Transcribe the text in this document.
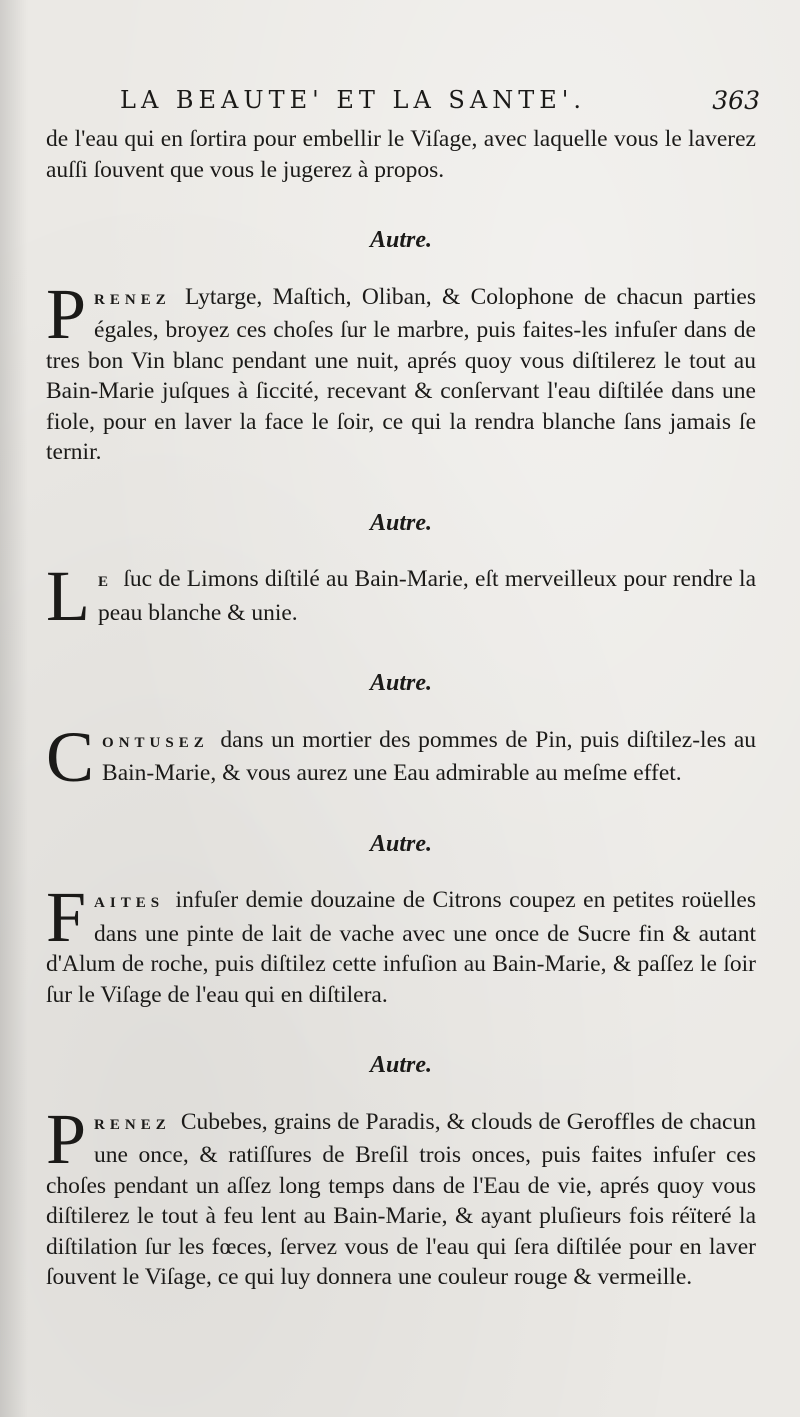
LA BEAUTE' ET LA SANTE'.	363

de l'eau qui en ſortira pour embellir le Viſage, avec laquelle vous le laverez auſſi ſouvent que vous le jugerez à propos.

Autre.

PRENEZ Lytarge, Maſtich, Oliban, & Colophone de chacun parties égales, broyez ces choſes ſur le marbre, puis faites-les infuſer dans de tres bon Vin blanc pendant une nuit, aprés quoy vous diſtilerez le tout au Bain-Marie juſques à ſiccité, recevant & conſervant l'eau diſtilée dans une fiole, pour en laver la face le ſoir, ce qui la rendra blanche ſans jamais ſe ternir.

Autre.

L E ſuc de Limons diſtilé au Bain-Marie, eſt merveilleux pour rendre la peau blanche & unie.

Autre.

CONTUSEZ dans un mortier des pommes de Pin, puis diſtilez-les au Bain-Marie, & vous aurez une Eau admirable au meſme effet.

Autre.

FAITES infuſer demie douzaine de Citrons coupez en petites roüelles dans une pinte de lait de vache avec une once de Sucre fin & autant d'Alum de roche, puis diſtilez cette infuſion au Bain-Marie, & paſſez le ſoir ſur le Viſage de l'eau qui en diſtilera.

Autre.

PRENEZ Cubebes, grains de Paradis, & clouds de Geroffles de chacun une once, & ratiſſures de Breſil trois onces, puis faites infuſer ces choſes pendant un aſſez long temps dans de l'Eau de vie, aprés quoy vous diſtilerez le tout à feu lent au Bain-Marie, & ayant pluſieurs fois réïteré la diſtilation ſur les fœces, ſervez vous de l'eau qui ſera diſtilée pour en laver ſouvent le Viſage, ce qui luy donnera une couleur rouge & vermeille.
